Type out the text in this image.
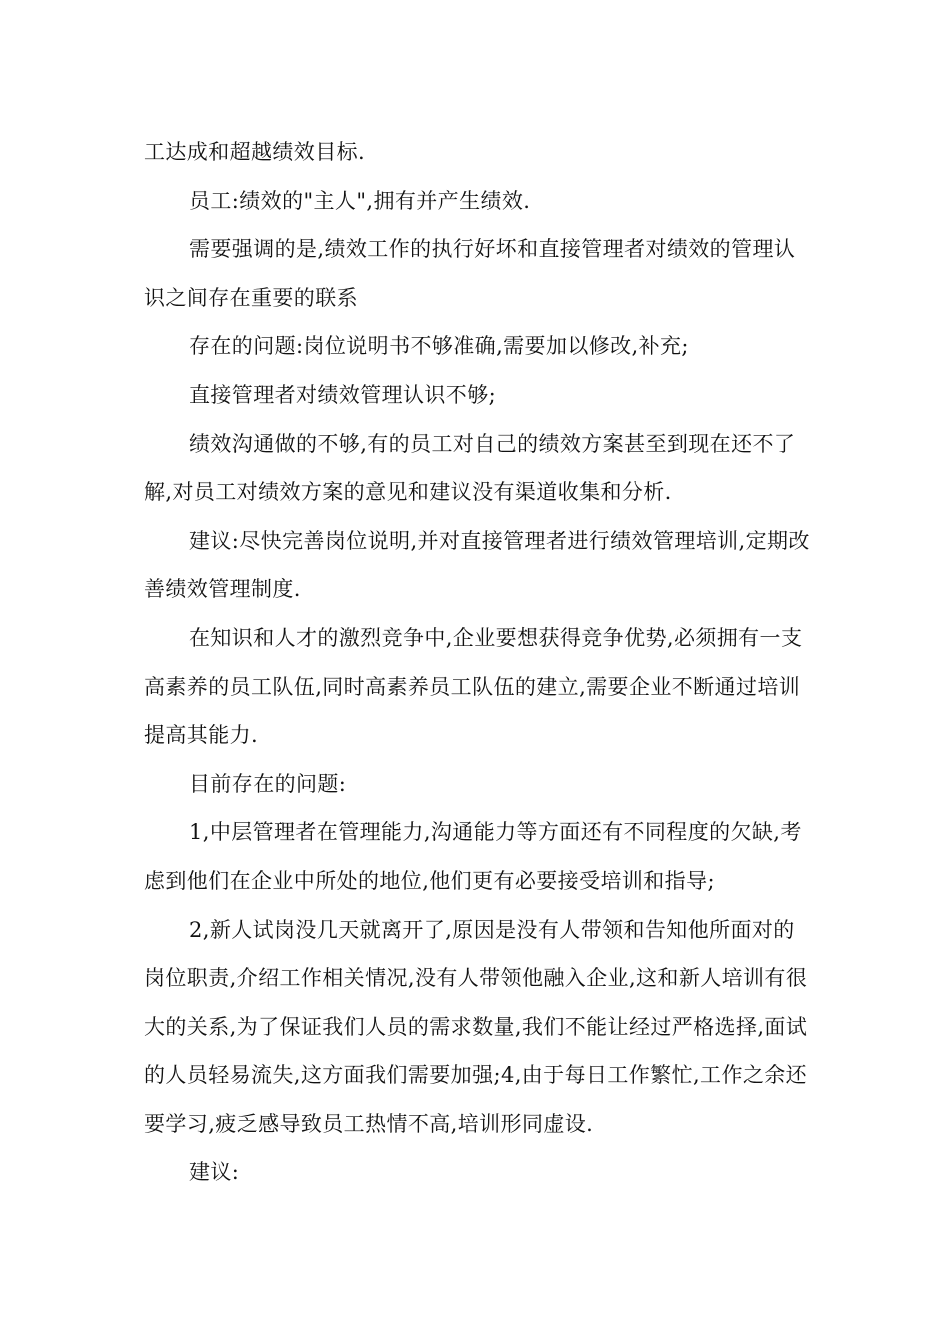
工达成和超越绩效目标.

员工:绩效的"主人",拥有并产生绩效.

需要强调的是,绩效工作的执行好坏和直接管理者对绩效的管理认识之间存在重要的联系

存在的问题:岗位说明书不够准确,需要加以修改,补充;

直接管理者对绩效管理认识不够;

绩效沟通做的不够,有的员工对自己的绩效方案甚至到现在还不了解,对员工对绩效方案的意见和建议没有渠道收集和分析.

建议:尽快完善岗位说明,并对直接管理者进行绩效管理培训,定期改善绩效管理制度.

在知识和人才的激烈竞争中,企业要想获得竞争优势,必须拥有一支高素养的员工队伍,同时高素养员工队伍的建立,需要企业不断通过培训提高其能力.

目前存在的问题:

1,中层管理者在管理能力,沟通能力等方面还有不同程度的欠缺,考虑到他们在企业中所处的地位,他们更有必要接受培训和指导;

2,新人试岗没几天就离开了,原因是没有人带领和告知他所面对的岗位职责,介绍工作相关情况,没有人带领他融入企业,这和新人培训有很大的关系,为了保证我们人员的需求数量,我们不能让经过严格选择,面试的人员轻易流失,这方面我们需要加强;4,由于每日工作繁忙,工作之余还要学习,疲乏感导致员工热情不高,培训形同虚设.

建议:
